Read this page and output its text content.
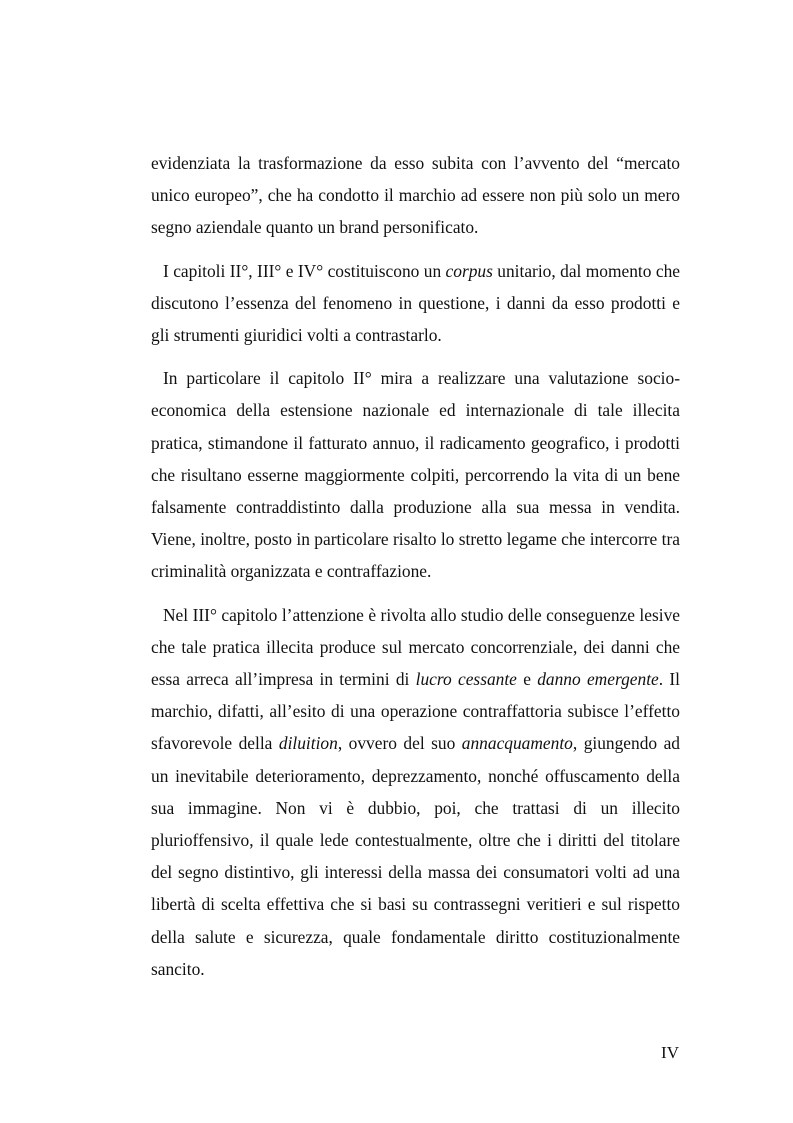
evidenziata la trasformazione da esso subita con l’avvento del “mercato unico europeo”, che ha condotto il marchio ad essere non più solo un mero segno aziendale quanto un brand personificato.

I capitoli II°, III° e IV° costituiscono un corpus unitario, dal momento che discutono l’essenza del fenomeno in questione, i danni da esso prodotti e gli strumenti giuridici volti a contrastarlo.

In particolare il capitolo II° mira a realizzare una valutazione socio-economica della estensione nazionale ed internazionale di tale illecita pratica, stimandone il fatturato annuo, il radicamento geografico, i prodotti che risultano esserne maggiormente colpiti, percorrendo la vita di un bene falsamente contraddistinto dalla produzione alla sua messa in vendita. Viene, inoltre, posto in particolare risalto lo stretto legame che intercorre tra criminalità organizzata e contraffazione.

Nel III° capitolo l’attenzione è rivolta allo studio delle conseguenze lesive che tale pratica illecita produce sul mercato concorrenziale, dei danni che essa arreca all’impresa in termini di lucro cessante e danno emergente. Il marchio, difatti, all’esito di una operazione contraffattoria subisce l’effetto sfavorevole della diluition, ovvero del suo annacquamento, giungendo ad un inevitabile deterioramento, deprezzamento, nonché offuscamento della sua immagine. Non vi è dubbio, poi, che trattasi di un illecito plurioffensivo, il quale lede contestualmente, oltre che i diritti del titolare del segno distintivo, gli interessi della massa dei consumatori volti ad una libertà di scelta effettiva che si basi su contrassegni veritieri e sul rispetto della salute e sicurezza, quale fondamentale diritto costituzionalmente sancito.

IV
